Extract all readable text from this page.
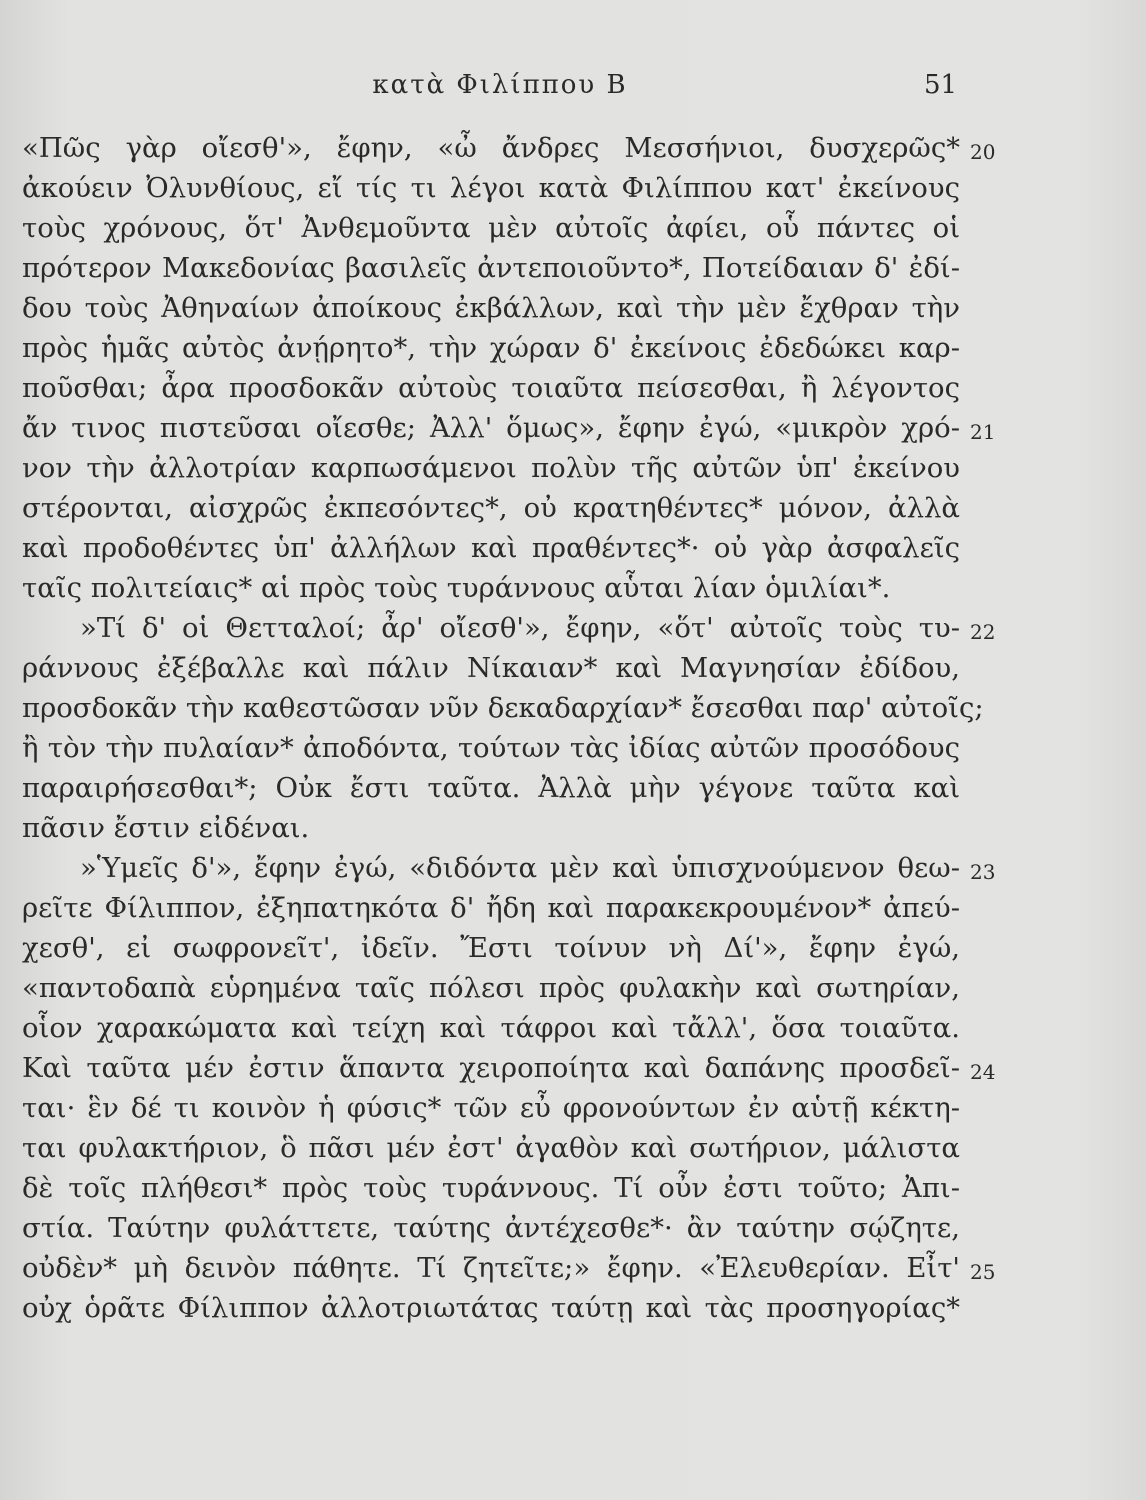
κατὰ Φιλίππου Β	51
«Πῶς γὰρ οἴεσθ'», ἔφην, «ὦ ἄνδρες Μεσσήνιοι, δυσχερῶς*
ἀκούειν Ὀλυνθίους, εἴ τίς τι λέγοι κατὰ Φιλίππου κατ' ἐκείνους
τοὺς χρόνους, ὅτ' Ἀνθεμοῦντα μὲν αὐτοῖς ἀφίει, οὗ πάντες οἱ
πρότερον Μακεδονίας βασιλεῖς ἀντεποιοῦντο*, Ποτείδαιαν δ' ἐδί-
δου τοὺς Ἀθηναίων ἀποίκους ἐκβάλλων, καὶ τὴν μὲν ἔχθραν τὴν
πρὸς ἡμᾶς αὐτὸς ἀνῄρητο*, τὴν χώραν δ' ἐκείνοις ἐδεδώκει καρ-
ποῦσθαι; ἆρα προσδοκᾶν αὐτοὺς τοιαῦτα πείσεσθαι, ἢ λέγοντος
ἄν τινος πιστεῦσαι οἴεσθε; Ἀλλ' ὅμως», ἔφην ἐγώ, «μικρὸν χρό-
νον τὴν ἀλλοτρίαν καρπωσάμενοι πολὺν τῆς αὐτῶν ὑπ' ἐκείνου
στέρονται, αἰσχρῶς ἐκπεσόντες*, οὐ κρατηθέντες* μόνον, ἀλλὰ
καὶ προδοθέντες ὑπ' ἀλλήλων καὶ πραθέντες*· οὐ γὰρ ἀσφαλεῖς
ταῖς πολιτείαις* αἱ πρὸς τοὺς τυράννους αὗται λίαν ὁμιλίαι*.
»Τί δ' οἱ Θετταλοί; ἆρ' οἴεσθ'», ἔφην, «ὅτ' αὐτοῖς τοὺς τυ-
ράννους ἐξέβαλλε καὶ πάλιν Νίκαιαν* καὶ Μαγνησίαν ἐδίδου,
προσδοκᾶν τὴν καθεστῶσαν νῦν δεκαδαρχίαν* ἔσεσθαι παρ' αὐτοῖς;
ἢ τὸν τὴν πυλαίαν* ἀποδόντα, τούτων τὰς ἰδίας αὐτῶν προσόδους
παραιρήσεσθαι*; Οὐκ ἔστι ταῦτα. Ἀλλὰ μὴν γέγονε ταῦτα καὶ
πᾶσιν ἔστιν εἰδέναι.
»Ὑμεῖς δ'», ἔφην ἐγώ, «διδόντα μὲν καὶ ὑπισχνούμενον θεω-
ρεῖτε Φίλιππον, ἐξηπατηκότα δ' ἤδη καὶ παρακεκρουμένον* ἀπεύ-
χεσθ', εἰ σωφρονεῖτ', ἰδεῖν. Ἔστι τοίνυν νὴ Δί'», ἔφην ἐγώ,
«παντοδαπὰ εὑρημένα ταῖς πόλεσι πρὸς φυλακὴν καὶ σωτηρίαν,
οἷον χαρακώματα καὶ τείχη καὶ τάφροι καὶ τἄλλ', ὅσα τοιαῦτα.
Καὶ ταῦτα μέν ἐστιν ἅπαντα χειροποίητα καὶ δαπάνης προσδεῖ-
ται· ἓν δέ τι κοινὸν ἡ φύσις* τῶν εὖ φρονούντων ἐν αὑτῇ κέκτη-
ται φυλακτήριον, ὃ πᾶσι μέν ἐστ' ἀγαθὸν καὶ σωτήριον, μάλιστα
δὲ τοῖς πλήθεσι* πρὸς τοὺς τυράννους. Τί οὖν ἐστι τοῦτο; Ἀπι-
στία. Ταύτην φυλάττετε, ταύτης ἀντέχεσθε*· ἂν ταύτην σῴζητε,
οὐδὲν* μὴ δεινὸν πάθητε. Τί ζητεῖτε;» ἔφην. «Ἐλευθερίαν. Εἶτ'
οὐχ ὁρᾶτε Φίλιππον ἀλλοτριωτάτας ταύτῃ καὶ τὰς προσηγορίας*
20
21
22
23
24
25
